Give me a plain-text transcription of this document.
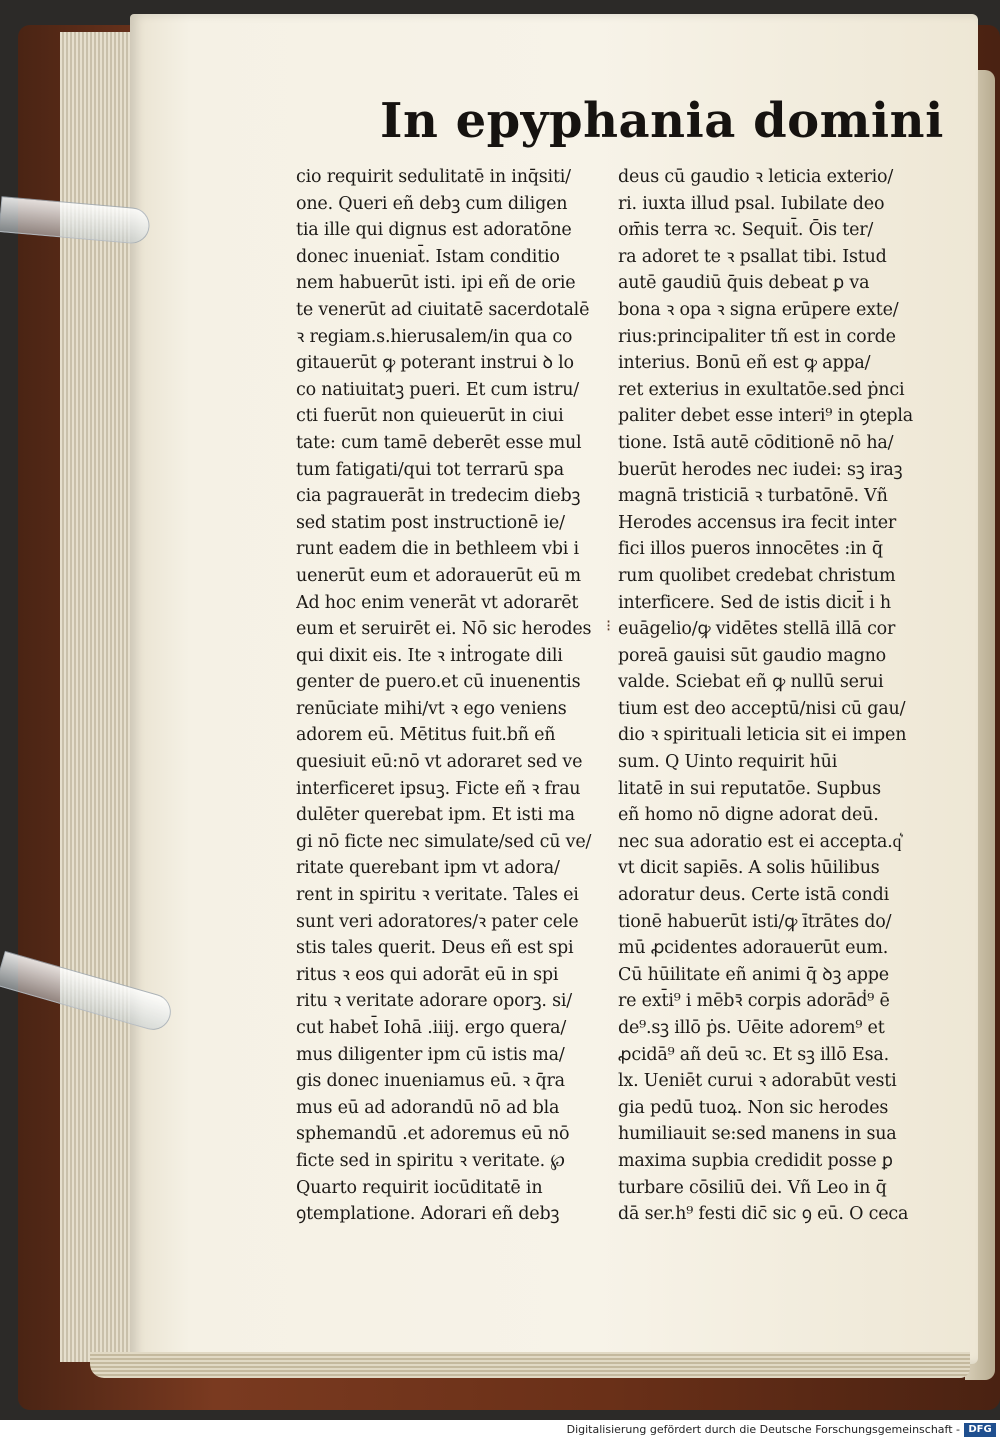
In epyphania domini
cio requirit sedulitatē in inq̄siti/
one. Queri eñ debꝫ cum diligen
tia ille qui dignus est adoratōne
donec inueniat̄. Istam conditio
nem habuerūt isti. ipi eñ de orie
te venerūt ad ciuitatē sacerdotalē
ꝛ regiam.s.hierusalem/in qua co
gitauerūt ꝙ poterant instrui ꝺ lo
co natiuitatꝫ pueri. Et cum istru/
cti fuerūt non quieuerūt in ciui
tate: cum tamē deberēt esse mul
tum fatigati/qui tot terrarū spa
cia pagrauerāt in tredecim diebꝫ
sed statim post instructionē ie/
runt eadem die in bethleem vbi i
uenerūt eum et adorauerūt eū m
Ad hoc enim venerāt vt adorarēt
eum et seruirēt ei. Nō sic herodes
qui dixit eis. Ite ꝛ inṫrogate dili
genter de puero.et cū inuenentis
renūciate mihi/vt ꝛ ego veniens
adorem eū. Mētitus fuit.bñ eñ
quesiuit eū:nō vt adoraret sed ve
interficeret ipsuꝫ. Ficte eñ ꝛ frau
dulēter querebat ipm. Et isti ma
gi nō ficte nec simulate/sed cū ve/
ritate querebant ipm vt adora/
rent in spiritu ꝛ veritate. Tales ei
sunt veri adoratores/ꝛ pater cele
stis tales querit. Deus eñ est spi
ritus ꝛ eos qui adorāt eū in spi
ritu ꝛ veritate adorare oporꝫ. si/
cut habet̄ Iohā .iiij. ergo quera/
mus diligenter ipm cū istis ma/
gis donec inueniamus eū. ꝛ q̄ra
mus eū ad adorandū nō ad bla
sphemandū .et adoremus eū nō
ficte sed in spiritu ꝛ veritate. ℘
Quarto requirit iocūditatē in
ꝯtemplatione. Adorari eñ debꝫ
deus cū gaudio ꝛ leticia exterio/
ri. iuxta illud psal. Iubilate deo
om̄is terra ꝛc. Sequit̄. Ōis ter/
ra adoret te ꝛ psallat tibi. Istud
autē gaudiū q̄uis debeat ꝑ va
bona ꝛ opa ꝛ signa erūpere exte/
rius:principaliter tñ est in corde
interius. Bonū eñ est ꝙ appa/
ret exterius in exultatōe.sed ṗnci
paliter debet esse interi⁹ in ꝯtepla
tione. Istā autē cōditionē nō ha/
buerūt herodes nec iudei: sꝫ iraꝫ
magnā tristiciā ꝛ turbatōnē. Vñ
Herodes accensus ira fecit inter
fici illos pueros innocētes :in q̄
rum quolibet credebat christum
interficere. Sed de istis dicit̄ i h
euāgelio/ꝙ vidētes stellā illā cor
poreā gauisi sūt gaudio magno
valde. Sciebat eñ ꝙ nullū serui
tium est deo acceptū/nisi cū gau/
dio ꝛ spirituali leticia sit ei impen
sum. Q Uinto requirit hūi
litatē in sui reputatōe. Supbus
eñ homo nō digne adorat deū.
nec sua adoratio est ei accepta.q͛
vt dicit sapiēs. A solis hūilibus
adoratur deus. Certe istā condi
tionē habuerūt isti/ꝙ ītrātes do/
mū ꝓcidentes adorauerūt eum.
Cū hūilitate eñ animi q̄ ꝺꝫ appe
re ext̄i⁹ i mēbꝛ̄ corpis adorāḋ⁹ ē
de⁹.sꝫ illō ṗs. Uēite adorem⁹ et
ꝓcidā⁹ añ deū ꝛc. Et sꝫ illō Esa.
lx. Ueniēt curui ꝛ adorabūt vesti
gia pedū tuoꝝ. Non sic herodes
humiliauit se:sed manens in sua
maxima supbia credidit posse ꝑ
turbare cōsiliū dei. Vñ Leo in q̄
dā ser.h⁹ festi dic̄ sic ꝯ eū. O ceca
⁝
Digitalisierung gefördert durch die Deutsche Forschungsgemeinschaft - DFG
